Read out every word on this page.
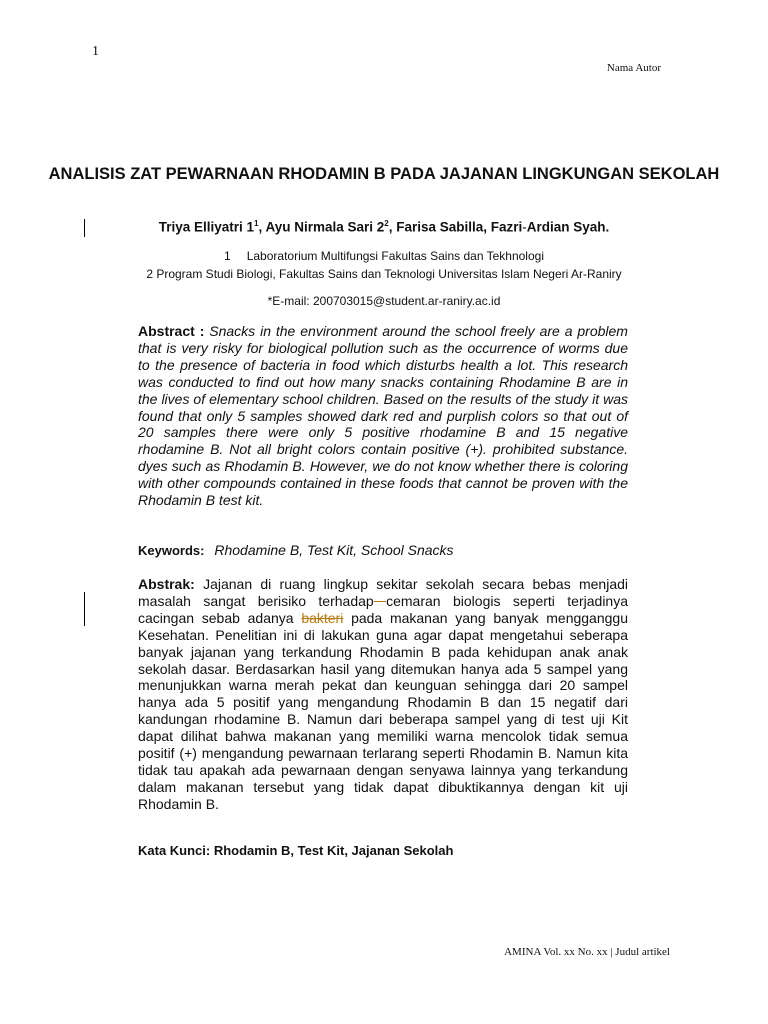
1
Nama Autor
ANALISIS ZAT PEWARNAAN RHODAMIN B PADA JAJANAN LINGKUNGAN SEKOLAH
Triya Elliyatri $1^1$, Ayu Nirmala Sari $2^2$, Farisa Sabilla, Fazri-Ardian Syah.
1 Laboratorium Multifungsi Fakultas Sains dan Tekhnologi
2 Program Studi Biologi, Fakultas Sains dan Teknologi Universitas Islam Negeri Ar-Raniry
*E-mail: 200703015@student.ar-raniry.ac.id
Abstract : Snacks in the environment around the school freely are a problem that is very risky for biological pollution such as the occurrence of worms due to the presence of bacteria in food which disturbs health a lot. This research was conducted to find out how many snacks containing Rhodamine B are in the lives of elementary school children. Based on the results of the study it was found that only 5 samples showed dark red and purplish colors so that out of 20 samples there were only 5 positive rhodamine B and 15 negative rhodamine B. Not all bright colors contain positive (+). prohibited substance. dyes such as Rhodamin B. However, we do not know whether there is coloring with other compounds contained in these foods that cannot be proven with the Rhodamin B test kit.
Keywords: Rhodamine B, Test Kit, School Snacks
Abstrak: Jajanan di ruang lingkup sekitar sekolah secara bebas menjadi masalah sangat berisiko terhadap cemaran biologis seperti terjadinya cacingan sebab adanya bakteri pada makanan yang banyak mengganggu Kesehatan. Penelitian ini di lakukan guna agar dapat mengetahui seberapa banyak jajanan yang terkandung Rhodamin B pada kehidupan anak anak sekolah dasar. Berdasarkan hasil yang ditemukan hanya ada 5 sampel yang menunjukkan warna merah pekat dan keunguan sehingga dari 20 sampel hanya ada 5 positif yang mengandung Rhodamin B dan 15 negatif dari kandungan rhodamine B. Namun dari beberapa sampel yang di test uji Kit dapat dilihat bahwa makanan yang memiliki warna mencolok tidak semua positif (+) mengandung pewarnaan terlarang seperti Rhodamin B. Namun kita tidak tau apakah ada pewarnaan dengan senyawa lainnya yang terkandung dalam makanan tersebut yang tidak dapat dibuktikannya dengan kit uji Rhodamin B.
Kata Kunci: Rhodamin B, Test Kit, Jajanan Sekolah
AMINA Vol. xx No. xx | Judul artikel
